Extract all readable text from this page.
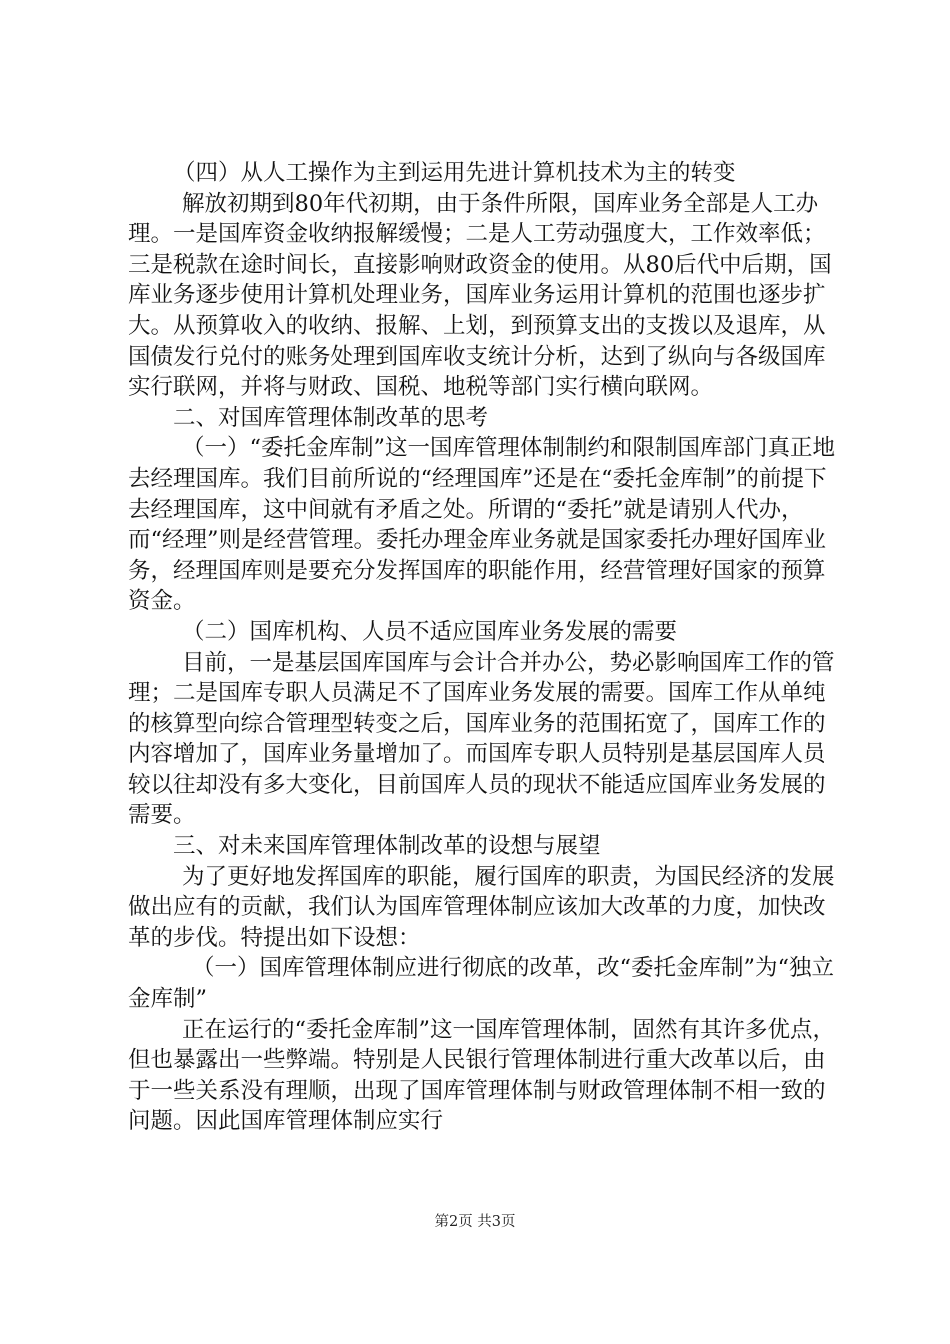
（四）从人工操作为主到运用先进计算机技术为主的转变

解放初期到80年代初期，由于条件所限，国库业务全部是人工办理。一是国库资金收纳报解缓慢；二是人工劳动强度大，工作效率低；三是税款在途时间长，直接影响财政资金的使用。从80后代中后期，国库业务逐步使用计算机处理业务，国库业务运用计算机的范围也逐步扩大。从预算收入的收纳、报解、上划，到预算支出的支拨以及退库，从国债发行兑付的账务处理到国库收支统计分析，达到了纵向与各级国库实行联网，并将与财政、国税、地税等部门实行横向联网。

二、对国库管理体制改革的思考

（一）“委托金库制”这一国库管理体制制约和限制国库部门真正地去经理国库。我们目前所说的“经理国库”还是在“委托金库制”的前提下去经理国库，这中间就有矛盾之处。所谓的“委托”就是请别人代办，而“经理”则是经营管理。委托办理金库业务就是国家委托办理好国库业务，经理国库则是要充分发挥国库的职能作用，经营管理好国家的预算资金。

（二）国库机构、人员不适应国库业务发展的需要

目前，一是基层国库国库与会计合并办公，势必影响国库工作的管理；二是国库专职人员满足不了国库业务发展的需要。国库工作从单纯的核算型向综合管理型转变之后，国库业务的范围拓宽了，国库工作的内容增加了，国库业务量增加了。而国库专职人员特别是基层国库人员较以往却没有多大变化，目前国库人员的现状不能适应国库业务发展的需要。

三、对未来国库管理体制改革的设想与展望

为了更好地发挥国库的职能，履行国库的职责，为国民经济的发展做出应有的贡献，我们认为国库管理体制应该加大改革的力度，加快改革的步伐。特提出如下设想：

（一）国库管理体制应进行彻底的改革，改“委托金库制”为“独立金库制”

正在运行的“委托金库制”这一国库管理体制，固然有其许多优点，但也暴露出一些弊端。特别是人民银行管理体制进行重大改革以后，由于一些关系没有理顺，出现了国库管理体制与财政管理体制不相一致的问题。因此国库管理体制应实行

第2页 共3页
